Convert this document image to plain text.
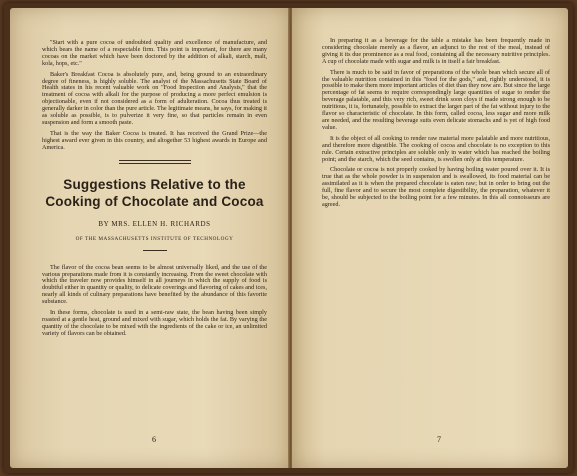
"Start with a pure cocoa of undoubted quality and excellence of manufacture, and which bears the name of a respectable firm. This point is important, for there are many cocoas on the market which have been doctored by the addition of alkali, starch, malt, kola, hops, etc."

Baker's Breakfast Cocoa is absolutely pure, and, being ground to an extraordinary degree of fineness, is highly soluble. The analyst of the Massachusetts State Board of Health states in his recent valuable work on "Food Inspection and Analysis," that the treatment of cocoa with alkali for the purpose of producing a more perfect emulsion is objectionable, even if not considered as a form of adulteration. Cocoa thus treated is generally darker in color than the pure article. The legitimate means, he says, for making it as soluble as possible, is to pulverize it very fine, so that particles remain in even suspension and form a smooth paste.

That is the way the Baker Cocoa is treated. It has received the Grand Prize—the highest award ever given in this country, and altogether 53 highest awards in Europe and America.

Suggestions Relative to the Cooking of Chocolate and Cocoa
BY MRS. ELLEN H. RICHARDS
OF THE MASSACHUSETTS INSTITUTE OF TECHNOLOGY

The flavor of the cocoa bean seems to be almost universally liked, and the use of the various preparations made from it is constantly increasing. From the sweet chocolate with which the traveler now provides himself in all journeys in which the supply of food is doubtful either in quantity or quality, to delicate coverings and flavoring of cakes and ices, nearly all kinds of culinary preparations have benefited by the abundance of this favorite substance.

In these forms, chocolate is used in a semi-raw state, the bean having been simply roasted at a gentle heat, ground and mixed with sugar, which holds the fat. By varying the quantity of the chocolate to be mixed with the ingredients of the cake or ice, an unlimited variety of flavors can be obtained.

6

In preparing it as a beverage for the table a mistake has been frequently made in considering chocolate merely as a flavor, an adjunct to the rest of the meal, instead of giving it its due prominence as a real food, containing all the necessary nutritive principles. A cup of chocolate made with sugar and milk is in itself a fair breakfast.

There is much to be said in favor of preparations of the whole bean which secure all of the valuable nutrition contained in this "food for the gods," and, rightly understood, it is possible to make them more important articles of diet than they now are. But since the large percentage of fat seems to require correspondingly large quantities of sugar to render the beverage palatable, and this very rich, sweet drink soon cloys if made strong enough to be nutritious, it is, fortunately, possible to extract the larger part of the fat without injury to the flavor so characteristic of chocolate. In this form, called cocoa, less sugar and more milk are needed, and the resulting beverage suits even delicate stomachs and is yet of high food value.

It is the object of all cooking to render raw material more palatable and more nutritious, and therefore more digestible. The cooking of cocoa and chocolate is no exception to this rule. Certain extractive principles are soluble only in water which has reached the boiling point; and the starch, which the seed contains, is swollen only at this temperature.

Chocolate or cocoa is not properly cooked by having boiling water poured over it. It is true that as the whole powder is in suspension and is swallowed, its food material can be assimilated as it is when the prepared chocolate is eaten raw; but in order to bring out the full, fine flavor and to secure the most complete digestibility, the preparation, whatever it be, should be subjected to the boiling point for a few minutes. In this all connoisseurs are agreed.

7
